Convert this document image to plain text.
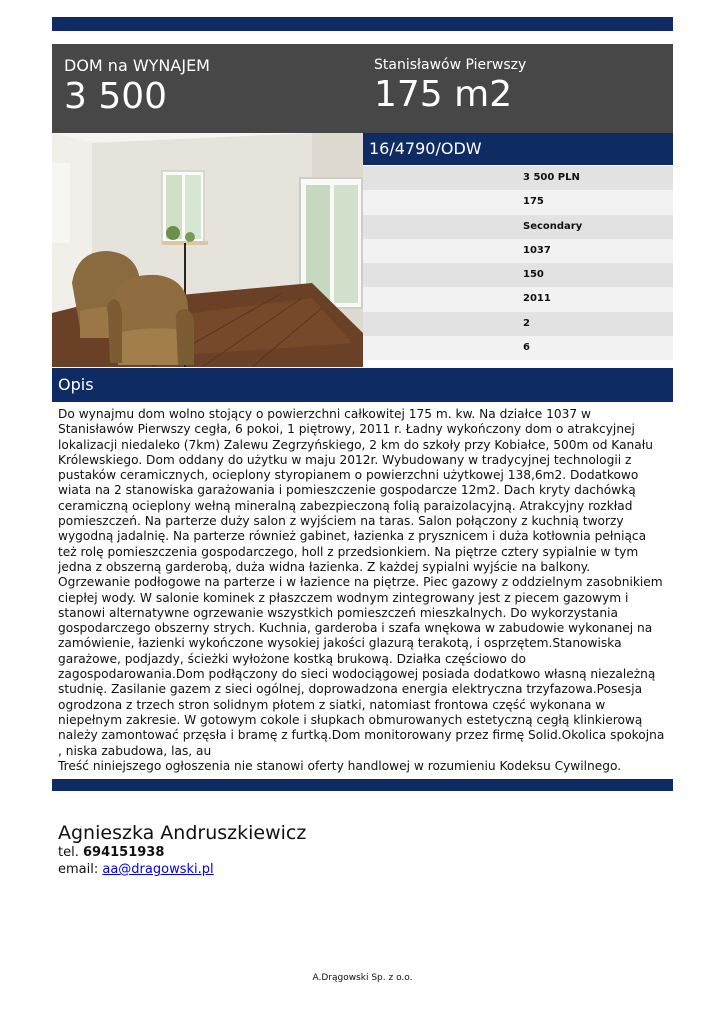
DOM na WYNAJEM
3 500
Stanisławów Pierwszy
175 m2
16/4790/ODW
3 500 PLN
175
Secondary
1037
150
2011
2
6
Opis
Do wynajmu dom wolno stojący o powierzchni całkowitej 175 m. kw. Na działce 1037 w
Stanisławów Pierwszy cegła, 6 pokoi, 1 piętrowy, 2011 r. Ładny wykończony dom o atrakcyjnej
lokalizacji niedaleko (7km) Zalewu Zegrzyńskiego, 2 km do szkoły przy Kobiałce, 500m od Kanału
Królewskiego. Dom oddany do użytku w maju 2012r. Wybudowany w tradycyjnej technologii z
pustaków ceramicznych, ocieplony styropianem o powierzchni użytkowej 138,6m2. Dodatkowo
wiata na 2 stanowiska garażowania i pomieszczenie gospodarcze 12m2. Dach kryty dachówką
ceramiczną ocieplony wełną mineralną zabezpieczoną folią paraizolacyjną. Atrakcyjny rozkład
pomieszczeń. Na parterze duży salon z wyjściem na taras. Salon połączony z kuchnią tworzy
wygodną jadalnię. Na parterze również gabinet, łazienka z prysznicem i duża kotłownia pełniąca
też rolę pomieszczenia gospodarczego, holl z przedsionkiem. Na piętrze cztery sypialnie w tym
jedna z obszerną garderobą, duża widna łazienka. Z każdej sypialni wyjście na balkony.
Ogrzewanie podłogowe na parterze i w łazience na piętrze. Piec gazowy z oddzielnym zasobnikiem
ciepłej wody. W salonie kominek z płaszczem wodnym zintegrowany jest z piecem gazowym i
stanowi alternatywne ogrzewanie wszystkich pomieszczeń mieszkalnych. Do wykorzystania
gospodarczego obszerny strych. Kuchnia, garderoba i szafa wnękowa w zabudowie wykonanej na
zamówienie, łazienki wykończone wysokiej jakości glazurą terakotą, i osprzętem.Stanowiska
garażowe, podjazdy, ścieżki wyłożone kostką brukową. Działka częściowo do
zagospodarowania.Dom podłączony do sieci wodociągowej posiada dodatkowo własną niezależną
studnię. Zasilanie gazem z sieci ogólnej, doprowadzona energia elektryczna trzyfazowa.Posesja
ogrodzona z trzech stron solidnym płotem z siatki, natomiast frontowa część wykonana w
niepełnym zakresie. W gotowym cokole i słupkach obmurowanych estetyczną cegłą klinkierową
należy zamontować przęsła i bramę z furtką.Dom monitorowany przez firmę Solid.Okolica spokojna
, niska zabudowa, las, au
Treść niniejszego ogłoszenia nie stanowi oferty handlowej w rozumieniu Kodeksu Cywilnego.
Agnieszka Andruszkiewicz
tel. 694151938
email: aa@dragowski.pl
A.Drągowski Sp. z o.o.
